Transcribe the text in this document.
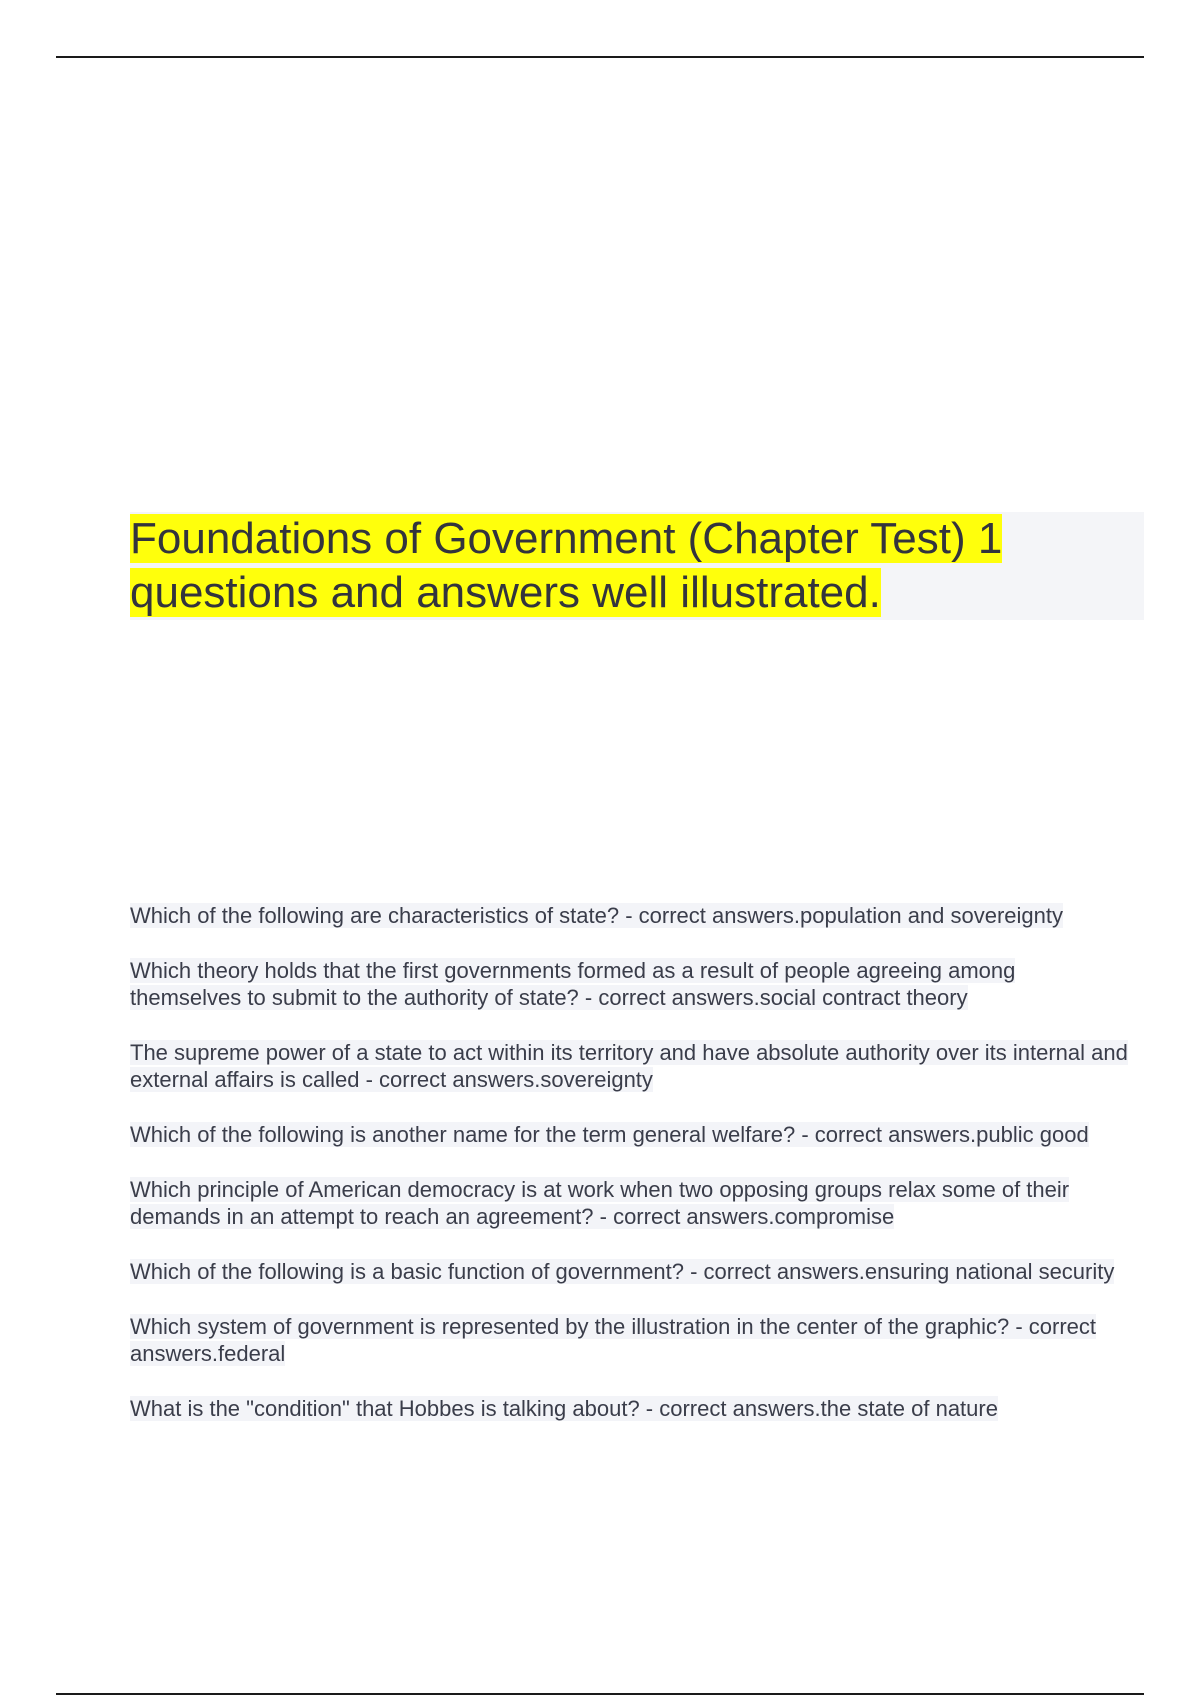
Foundations of Government (Chapter Test) 1 questions and answers well illustrated.
Which of the following are characteristics of state? - correct answers.population and sovereignty
Which theory holds that the first governments formed as a result of people agreeing among themselves to submit to the authority of state? - correct answers.social contract theory
The supreme power of a state to act within its territory and have absolute authority over its internal and external affairs is called - correct answers.sovereignty
Which of the following is another name for the term general welfare? - correct answers.public good
Which principle of American democracy is at work when two opposing groups relax some of their demands in an attempt to reach an agreement? - correct answers.compromise
Which of the following is a basic function of government? - correct answers.ensuring national security
Which system of government is represented by the illustration in the center of the graphic? - correct answers.federal
What is the "condition" that Hobbes is talking about? - correct answers.the state of nature
